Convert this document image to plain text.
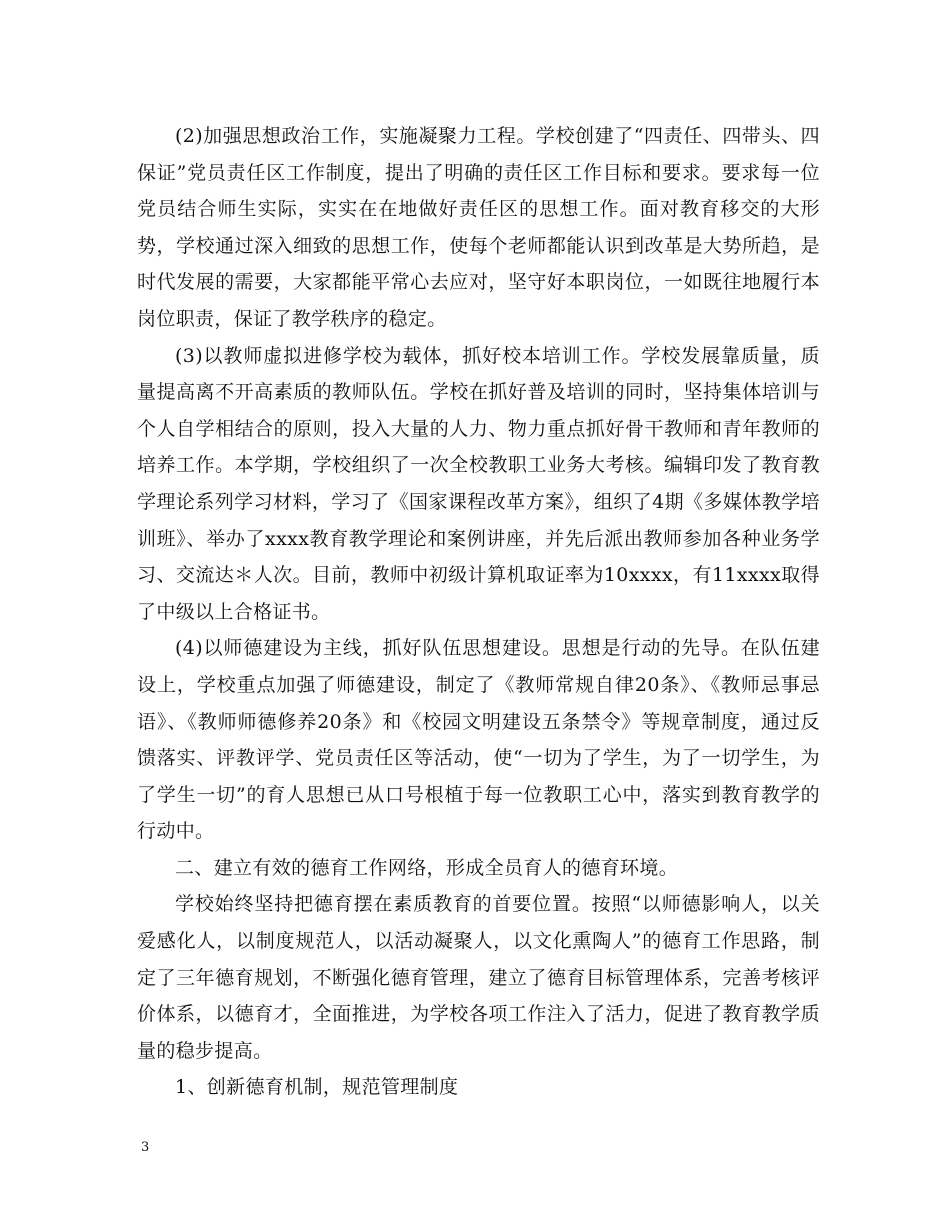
(2)加强思想政治工作，实施凝聚力工程。学校创建了“四责任、四带头、四保证”党员责任区工作制度，提出了明确的责任区工作目标和要求。要求每一位党员结合师生实际，实实在在地做好责任区的思想工作。面对教育移交的大形势，学校通过深入细致的思想工作，使每个老师都能认识到改革是大势所趋，是时代发展的需要，大家都能平常心去应对，坚守好本职岗位，一如既往地履行本岗位职责，保证了教学秩序的稳定。

(3)以教师虚拟进修学校为载体，抓好校本培训工作。学校发展靠质量，质量提高离不开高素质的教师队伍。学校在抓好普及培训的同时，坚持集体培训与个人自学相结合的原则，投入大量的人力、物力重点抓好骨干教师和青年教师的培养工作。本学期，学校组织了一次全校教职工业务大考核。编辑印发了教育教学理论系列学习材料，学习了《国家课程改革方案》，组织了4期《多媒体教学培训班》、举办了xxxx教育教学理论和案例讲座，并先后派出教师参加各种业务学习、交流达＊人次。目前，教师中初级计算机取证率为10xxxx，有11xxxx取得了中级以上合格证书。

(4)以师德建设为主线，抓好队伍思想建设。思想是行动的先导。在队伍建设上，学校重点加强了师德建设，制定了《教师常规自律20条》、《教师忌事忌语》、《教师师德修养20条》和《校园文明建设五条禁令》等规章制度，通过反馈落实、评教评学、党员责任区等活动，使“一切为了学生，为了一切学生，为了学生一切”的育人思想已从口号根植于每一位教职工心中，落实到教育教学的行动中。

二、建立有效的德育工作网络，形成全员育人的德育环境。

学校始终坚持把德育摆在素质教育的首要位置。按照“以师德影响人，以关爱感化人，以制度规范人，以活动凝聚人，以文化熏陶人”的德育工作思路，制定了三年德育规划，不断强化德育管理，建立了德育目标管理体系，完善考核评价体系，以德育才，全面推进，为学校各项工作注入了活力，促进了教育教学质量的稳步提高。

1、创新德育机制，规范管理制度

3
